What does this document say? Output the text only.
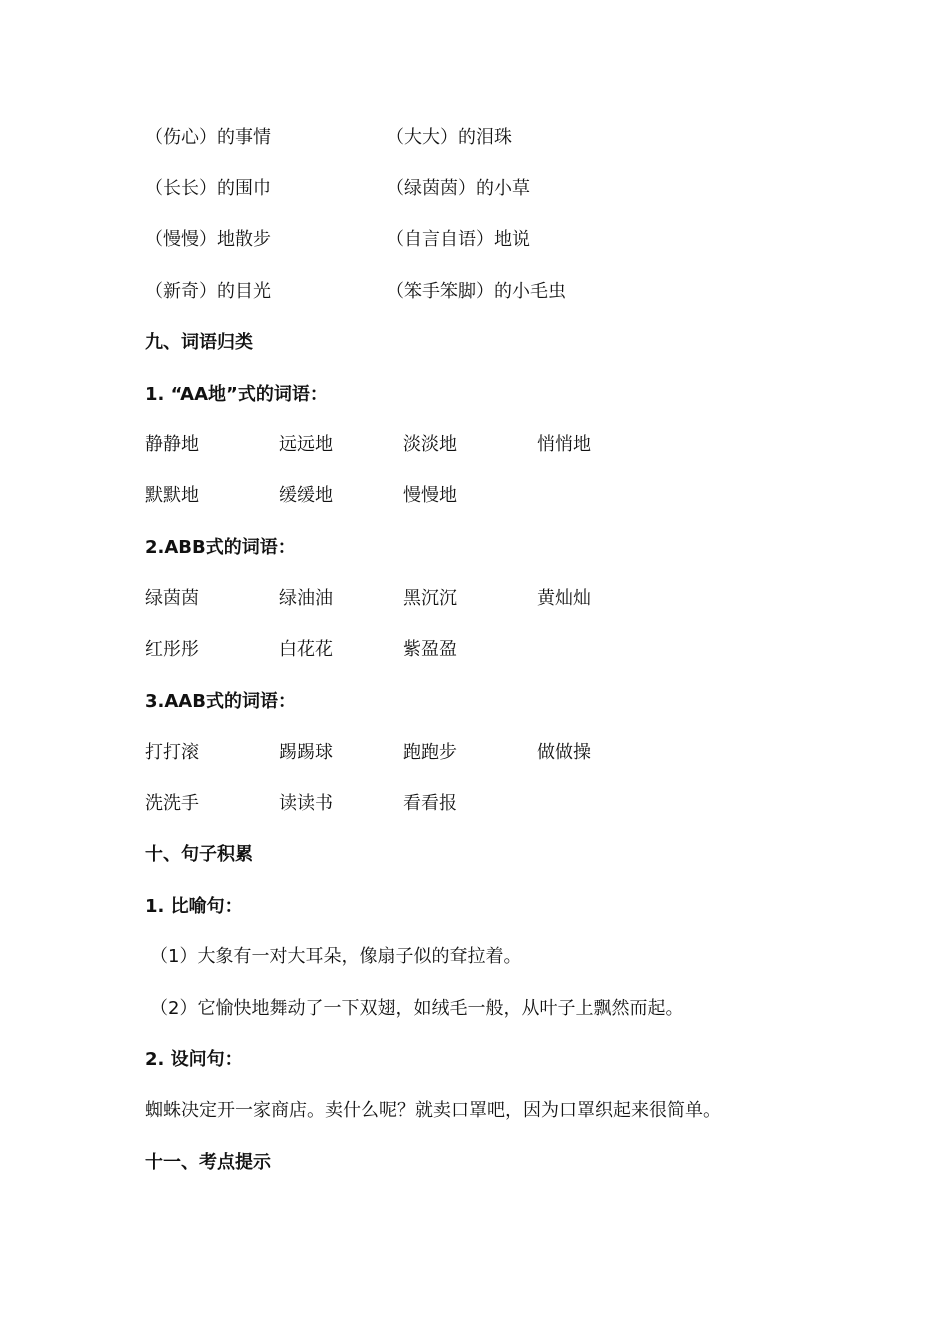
（伤心）的事情	（大大）的泪珠
（长长）的围巾	（绿茵茵）的小草
（慢慢）地散步	（自言自语）地说
（新奇）的目光	（笨手笨脚）的小毛虫
九、词语归类
1. “AA地”式的词语：
静静地	远远地	淡淡地	悄悄地
默默地	缓缓地	慢慢地
2.ABB式的词语：
绿茵茵	绿油油	黑沉沉	黄灿灿
红彤彤	白花花	紫盈盈
3.AAB式的词语：
打打滚	踢踢球	跑跑步	做做操
洗洗手	读读书	看看报
十、句子积累
1. 比喻句：
（1）大象有一对大耳朵，像扇子似的耷拉着。
（2）它愉快地舞动了一下双翅，如绒毛一般，从叶子上飘然而起。
2. 设问句：
蜘蛛决定开一家商店。卖什么呢？就卖口罩吧，因为口罩织起来很简单。
十一、考点提示
